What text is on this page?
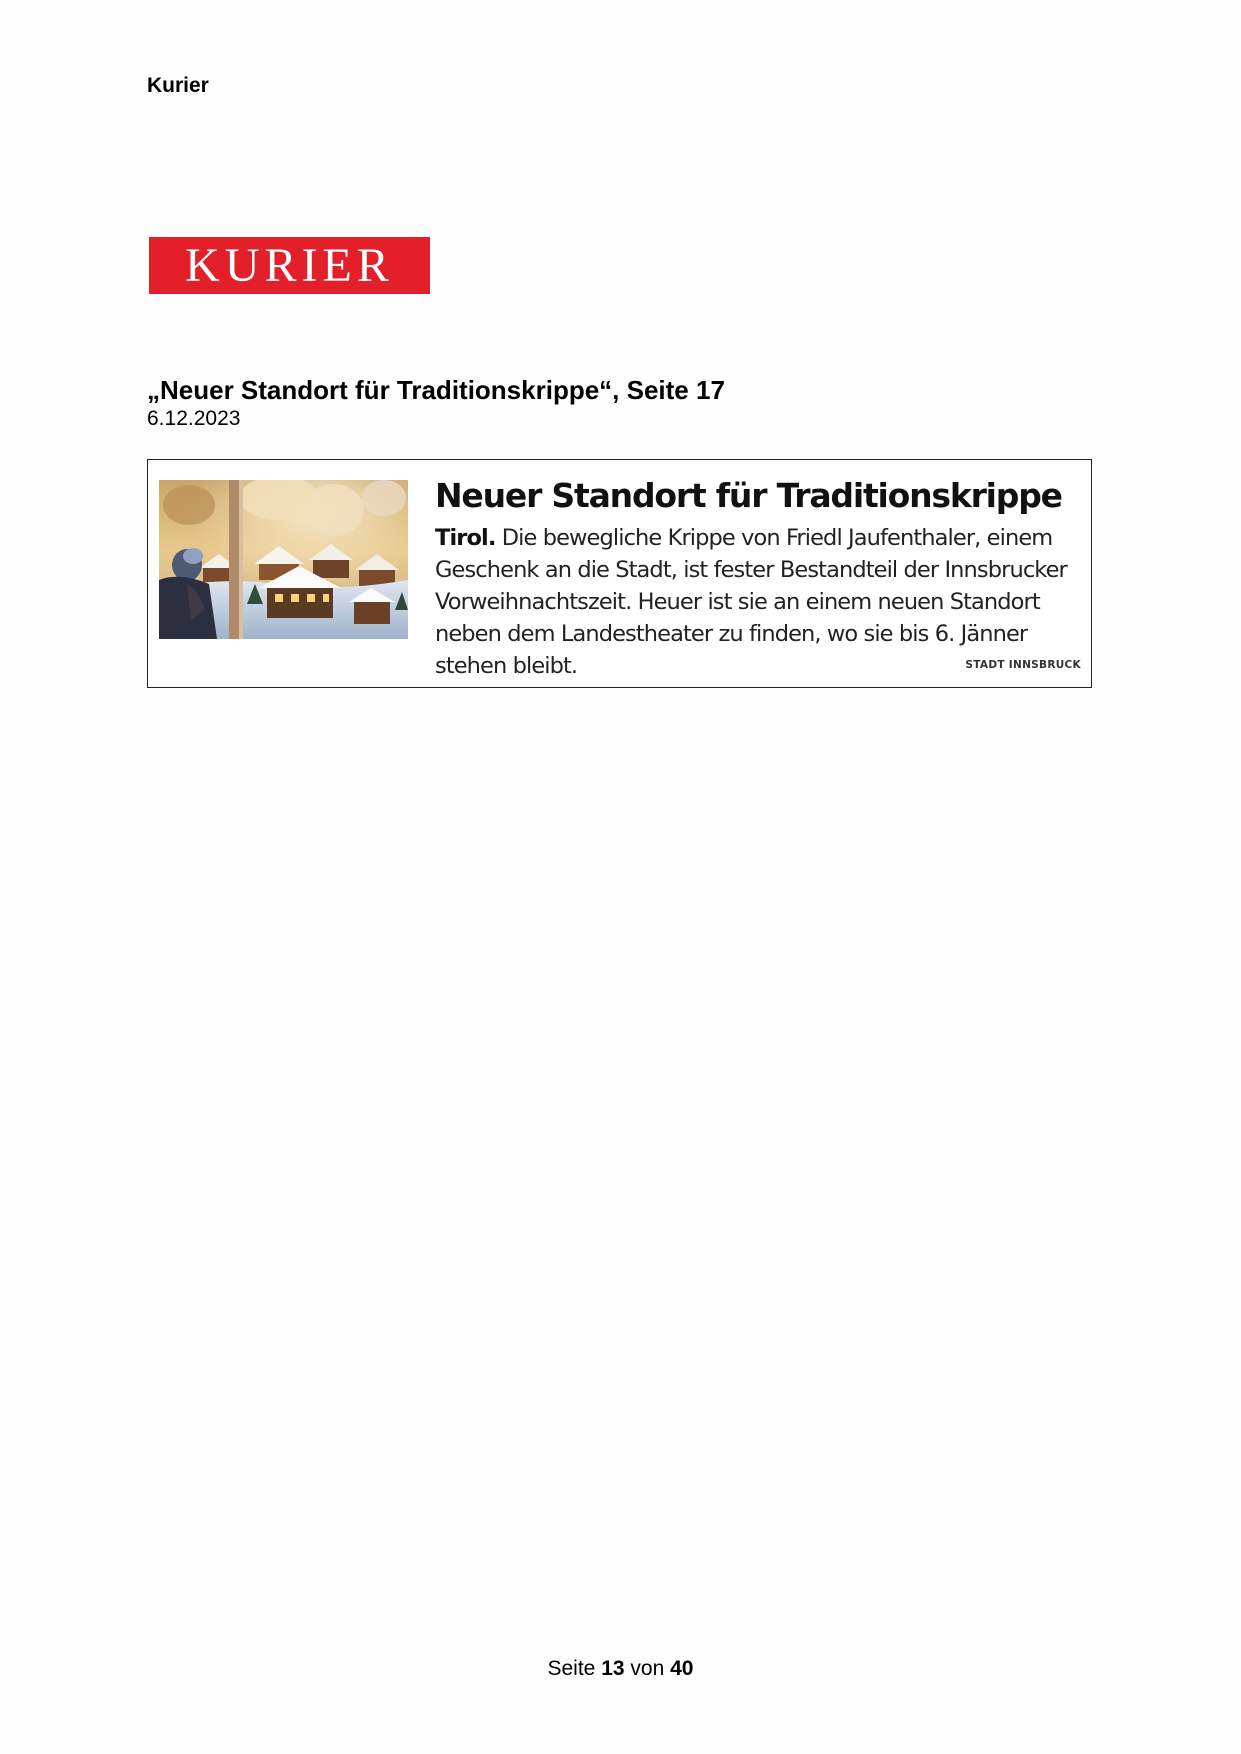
Kurier
KURIER
„Neuer Standort für Traditionskrippe“, Seite 17
6.12.2023
Neuer Standort für Traditionskrippe
Tirol. Die bewegliche Krippe von Friedl Jaufenthaler, einem Geschenk an die Stadt, ist fester Bestandteil der Innsbrucker Vorweihnachtszeit. Heuer ist sie an einem neuen Standort neben dem Landestheater zu finden, wo sie bis 6. Jänner stehen bleibt.	STADT INNSBRUCK
Seite 13 von 40
